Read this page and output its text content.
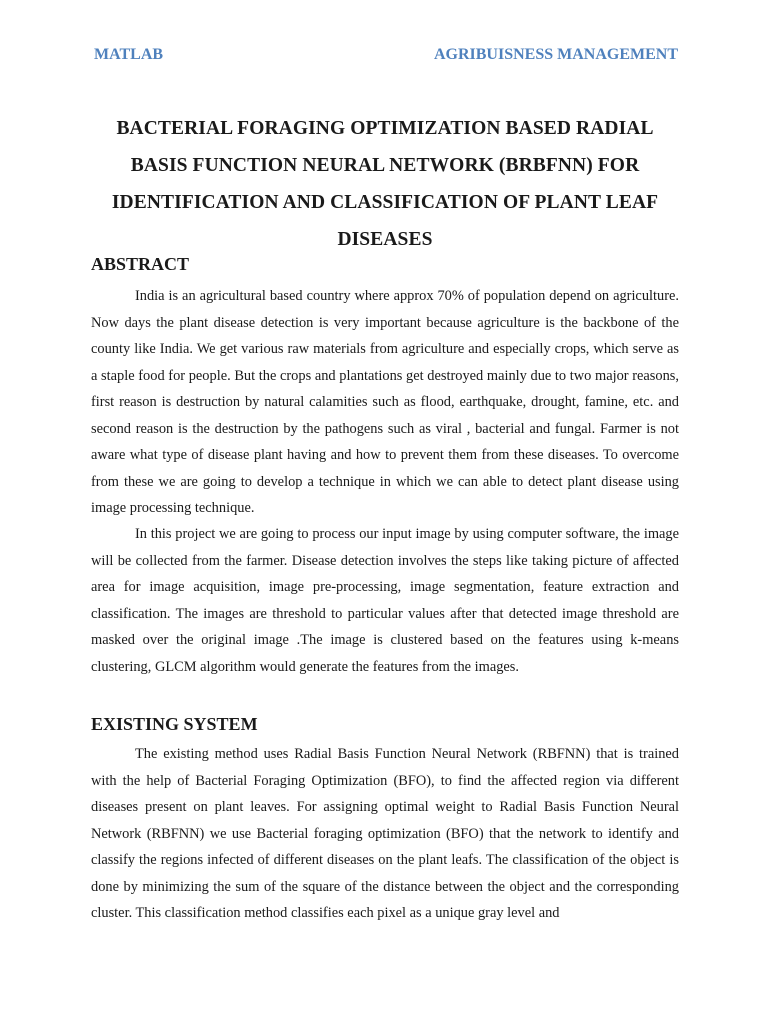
MATLAB	AGRIBUISNESS MANAGEMENT
BACTERIAL FORAGING OPTIMIZATION BASED RADIAL
BASIS FUNCTION NEURAL NETWORK (BRBFNN) FOR
IDENTIFICATION AND CLASSIFICATION OF PLANT LEAF
DISEASES
ABSTRACT

India is an agricultural based country where approx 70% of population depend on agriculture. Now days the plant disease detection is very important because agriculture is the backbone of the county like India. We get various raw materials from agriculture and especially crops, which serve as a staple food for people. But the crops and plantations get destroyed mainly due to two major reasons, first reason is destruction by natural calamities such as flood, earthquake, drought, famine, etc. and second reason is the destruction by the pathogens such as viral , bacterial and fungal. Farmer is not aware what type of disease plant having and how to prevent them from these diseases. To overcome from these we are going to develop a technique in which we can able to detect plant disease using image processing technique.

In this project we are going to process our input image by using computer software, the image will be collected from the farmer. Disease detection involves the steps like taking picture of affected area for image acquisition, image pre-processing, image segmentation, feature extraction and classification. The images are threshold to particular values after that detected image threshold are masked over the original image .The image is clustered based on the features using k-means clustering, GLCM algorithm would generate the features from the images.

EXISTING SYSTEM

The existing method uses Radial Basis Function Neural Network (RBFNN) that is trained with the help of Bacterial Foraging Optimization (BFO), to find the affected region via different diseases present on plant leaves. For assigning optimal weight to Radial Basis Function Neural Network (RBFNN) we use Bacterial foraging optimization (BFO) that the network to identify and classify the regions infected of different diseases on the plant leafs. The classification of the object is done by minimizing the sum of the square of the distance between the object and the corresponding cluster. This classification method classifies each pixel as a unique gray level and
